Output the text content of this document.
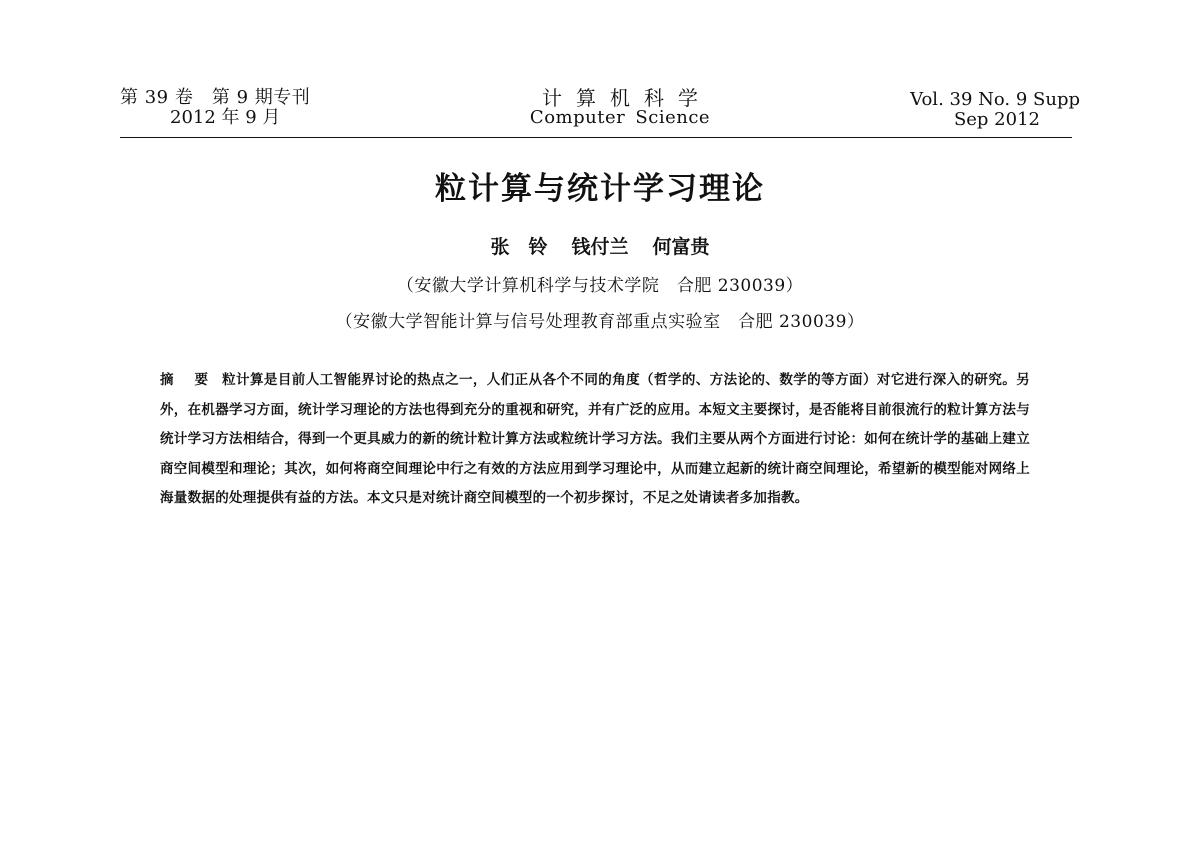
第 39 卷　第 9 期专刊
2012 年 9 月
计算机科学
Computer Science
Vol. 39 No. 9 Supp
Sep 2012
粒计算与统计学习理论
张　铃 钱付兰 何富贵
（安徽大学计算机科学与技术学院　合肥 230039）
（安徽大学智能计算与信号处理教育部重点实验室　合肥 230039）
摘 要 粒计算是目前人工智能界讨论的热点之一，人们正从各个不同的角度（哲学的、方法论的、数学的等方面）对它进行深入的研究。另外，在机器学习方面，统计学习理论的方法也得到充分的重视和研究，并有广泛的应用。本短文主要探讨，是否能将目前很流行的粒计算方法与统计学习方法相结合，得到一个更具威力的新的统计粒计算方法或粒统计学习方法。我们主要从两个方面进行讨论：如何在统计学的基础上建立商空间模型和理论；其次，如何将商空间理论中行之有效的方法应用到学习理论中，从而建立起新的统计商空间理论，希望新的模型能对网络上海量数据的处理提供有益的方法。本文只是对统计商空间模型的一个初步探讨，不足之处请读者多加指教。
